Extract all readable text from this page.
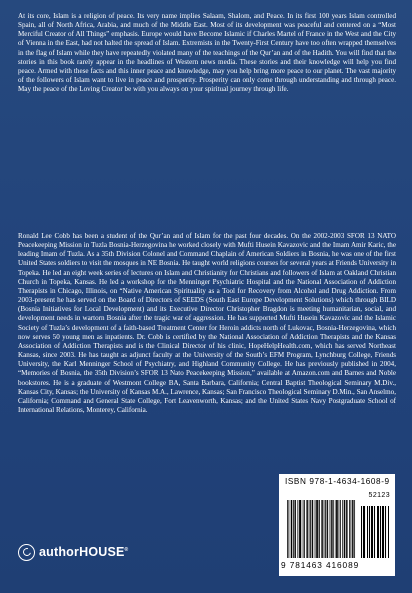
At its core, Islam is a religion of peace. Its very name implies Salaam, Shalom, and Peace. In its first 100 years Islam controlled Spain, all of North Africa, Arabia, and much of the Middle East. Most of its development was peaceful and centered on a “Most Merciful Creator of All Things” emphasis. Europe would have Become Islamic if Charles Martel of France in the West and the City of Vienna in the East, had not halted the spread of Islam. Extremists in the Twenty-First Century have too often wrapped themselves in the flag of Islam while they have repeatedly violated many of the teachings of the Qur’an and of the Hadith. You will find that the stories in this book rarely appear in the headlines of Western news media. These stories and their knowledge will help you find peace. Armed with these facts and this inner peace and knowledge, may you help bring more peace to our planet. The vast majority of the followers of Islam want to live in peace and prosperity. Prosperity can only come through understanding and through peace. May the peace of the Loving Creator be with you always on your spiritual journey through life.

Ronald Lee Cobb has been a student of the Qur’an and of Islam for the past four decades. On the 2002-2003 SFOR 13 NATO Peacekeeping Mission in Tuzla Bosnia-Herzegovina he worked closely with Mufti Husein Kavazovic and the Imam Amir Karic, the leading Imam of Tuzla. As a 35th Division Colonel and Command Chaplain of American Soldiers in Bosnia, he was one of the first United States soldiers to visit the mosques in NE Bosnia. He taught world religions courses for several years at Friends University in Topeka. He led an eight week series of lectures on Islam and Christianity for Christians and followers of Islam at Oakland Christian Church in Topeka, Kansas. He led a workshop for the Menninger Psychiatric Hospital and the National Association of Addiction Therapists in Chicago, Illinois, on “Native American Spirituality as a Tool for Recovery from Alcohol and Drug Addiction. From 2003-present he has served on the Board of Directors of SEEDS (South East Europe Development Solutions) which through BILD (Bosnia Initiatives for Local Development) and its Executive Director Christopher Bragdon is meeting humanitarian, social, and development needs in wartorn Bosnia after the tragic war of aggression. He has supported Mufti Husein Kavazovic and the Islamic Society of Tuzla’s development of a faith-based Treatment Center for Heroin addicts north of Lukovac, Bosnia-Herzegovina, which now serves 50 young men as inpatients. Dr. Cobb is certified by the National Association of Addiction Therapists and the Kansas Association of Addiction Therapists and is the Clinical Director of his clinic, HopeHelpHealth.com, which has served Northeast Kansas, since 2003. He has taught as adjunct faculty at the University of the South’s EFM Program, Lynchburg College, Friends University, the Karl Menninger School of Psychiatry, and Highland Community College. He has previously published in 2004, “Memories of Bosnia, the 35th Division’s SFOR 13 Nato Peacekeeping Mission,” available at Amazon.com and Barnes and Noble bookstores. He is a graduate of Westmont College BA, Santa Barbara, California; Central Baptist Theological Seminary M.Div., Kansas City, Kansas; the University of Kansas M.A., Lawrence, Kansas; San Francisco Theological Seminary D.Min., San Anselmo, California; Command and General State College, Fort Leavenworth, Kansas; and the United States Navy Postgraduate School of International Relations, Monterey, California.

authorHOUSE®
ISBN 978-1-4634-1608-9
52123
9 781463 416089
